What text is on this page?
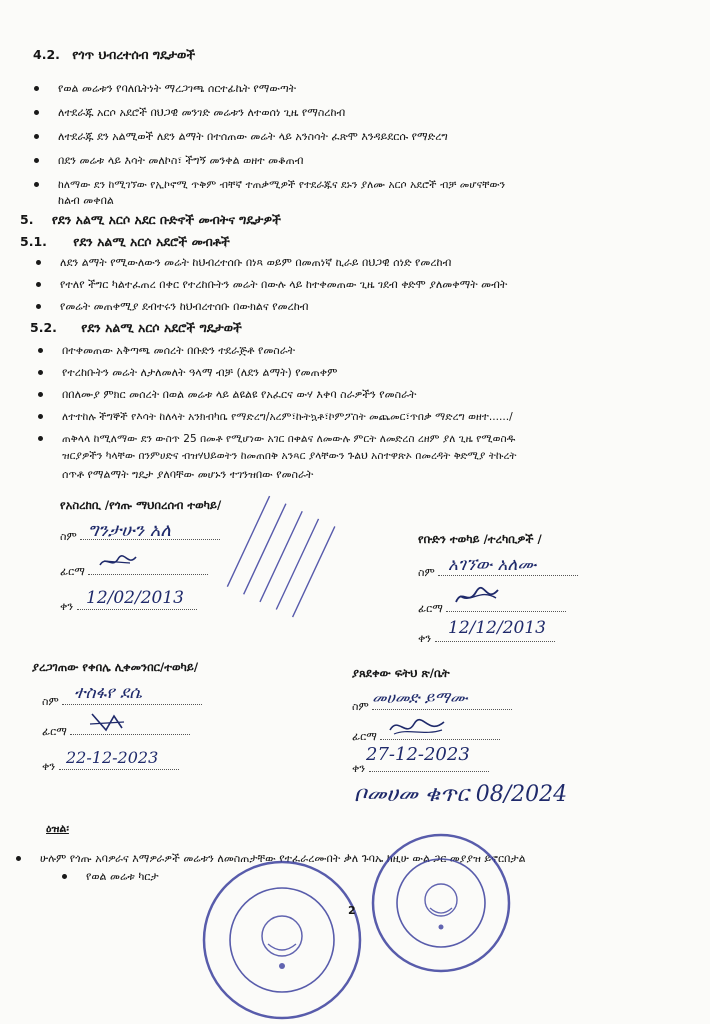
4.2. የጎጥ ህብረተሰብ ግዴታወች
የወል መሬቱን የባለቤትነት ማረጋገጫ ሰርተፊኬት የማውጣት
ለተደራጁ አርሶ አደሮች በህጋዊ መንገድ መሬቱን ለተወሰነ ጊዜ የማስረከብ
ለተደራጁ ደን አልሚወች ለደን ልማት በተሰጠው መሬት ላይ አንስሳት ፈጽሞ እንዳይደርሱ የማድረግ
በደን መሬቱ ላይ እሳት መለኮስ፣ ችግኝ መንቀል ወዘተ መቆጠብ
ከለማው ደን ከሚገኘው የኢኮኖሚ ጥቅም ብቸኛ ተጠቃሚዎች የተደራጁና ደኑን ያለሙ አርሶ አደሮች ብቻ መሆናቸውን
ከልብ መቀበል
5. የደን አልሚ አርሶ አደር ቡድኖች መብትና ግዴታዎች
5.1. የደን አልሚ አርሶ አደሮች መብቶች
ለደን ልማት የሚውለውን መሬት ከህብረተሰቡ በነጻ ወይም በመጠነኛ ኪራይ በህጋዊ ሰነድ የመረከብ
የተለየ ችግር ካልተፈጠረ በቀር የተረከቡትን መሬት በውሉ ላይ ከተቀመጠው ጊዜ ገደብ ቀድሞ ያለመቀማት መብት
የመሬት መጠቀሚያ ደብተሩን ከህብረተሰቡ በውክልና የመረከብ
5.2. የደን አልሚ አርሶ አደሮች ግዴታወች
በተቀመጠው አቅጣጫ መሰረት በቡድን ተደራጅቶ የመስራት
የተረከቡትን መሬት ለታለመለት ዓላማ ብቻ (ለደን ልማት) የመጠቀም
በበለሙያ ምክር መሰረት በወል መሬቱ ላይ ልዩልዩ የአፈርና ውሃ እቀባ ስራዎችን የመስራት
ለተተከሉ ችግኞች የእሳት ከለላት አንክብካቤ የማድረግ/አረም፣ኩትኳቶ፣ኮምፖስት መጨመር፣ጥበቃ ማድረግ ወዘተ....../
ጠቅላላ ከሚለማው ደን ውስጥ 25 በመቶ የሚሆነው አገር በቀልና ለመውሉ ምርት ለመድረስ ረዘም ያለ ጊዜ የሚወስዱ
ዝርያዎችን ካላቸው በንምሀድና ብዝሃህይወትን ከመጠበቅ አንጻር ያላቸውን ጉልህ አስተዋጽኦ በመረዳት ቅድሚያ ትኩረት
ሰጥቶ የማልማት ግዴታ ያለባቸው መሆኑን ተገንዝበው የመስራት
የአስረከቢ /የጎጡ ማህበረሰብ ተወካይ/
ስም ግንታሁን አለ
ፊርማ
ቀን 12/02/2013
የቡድን ተወካይ /ተረካቢዎች /
ስም አገኘው አለሙ
ፊርማ
ቀን
12/12/2013
ያረጋገጠው የቀበሌ ሊቀመንበር/ተወካይ/
ስም ተስፋየ ደሴ
ፊርማ
ቀን 22-12-2023
ያጸደቀው ፍትህ ጽ/ቤት
ስም መሀመድ ይማሙ
ፊርማ
ቀን
27-12-2023
ቦመሀመ ቁጥር 08/2024
ዕዝል፡
ሁሉም የጎጡ አባዎራና እማዎራዎች መሬቱን ለመስጠታቸው የተፈራረሙበት ቃለ ጉባኤ ከዚሁ ውል ጋር መያያዝ ይኖርበታል
የወል መሬቱ ካርታ
2
